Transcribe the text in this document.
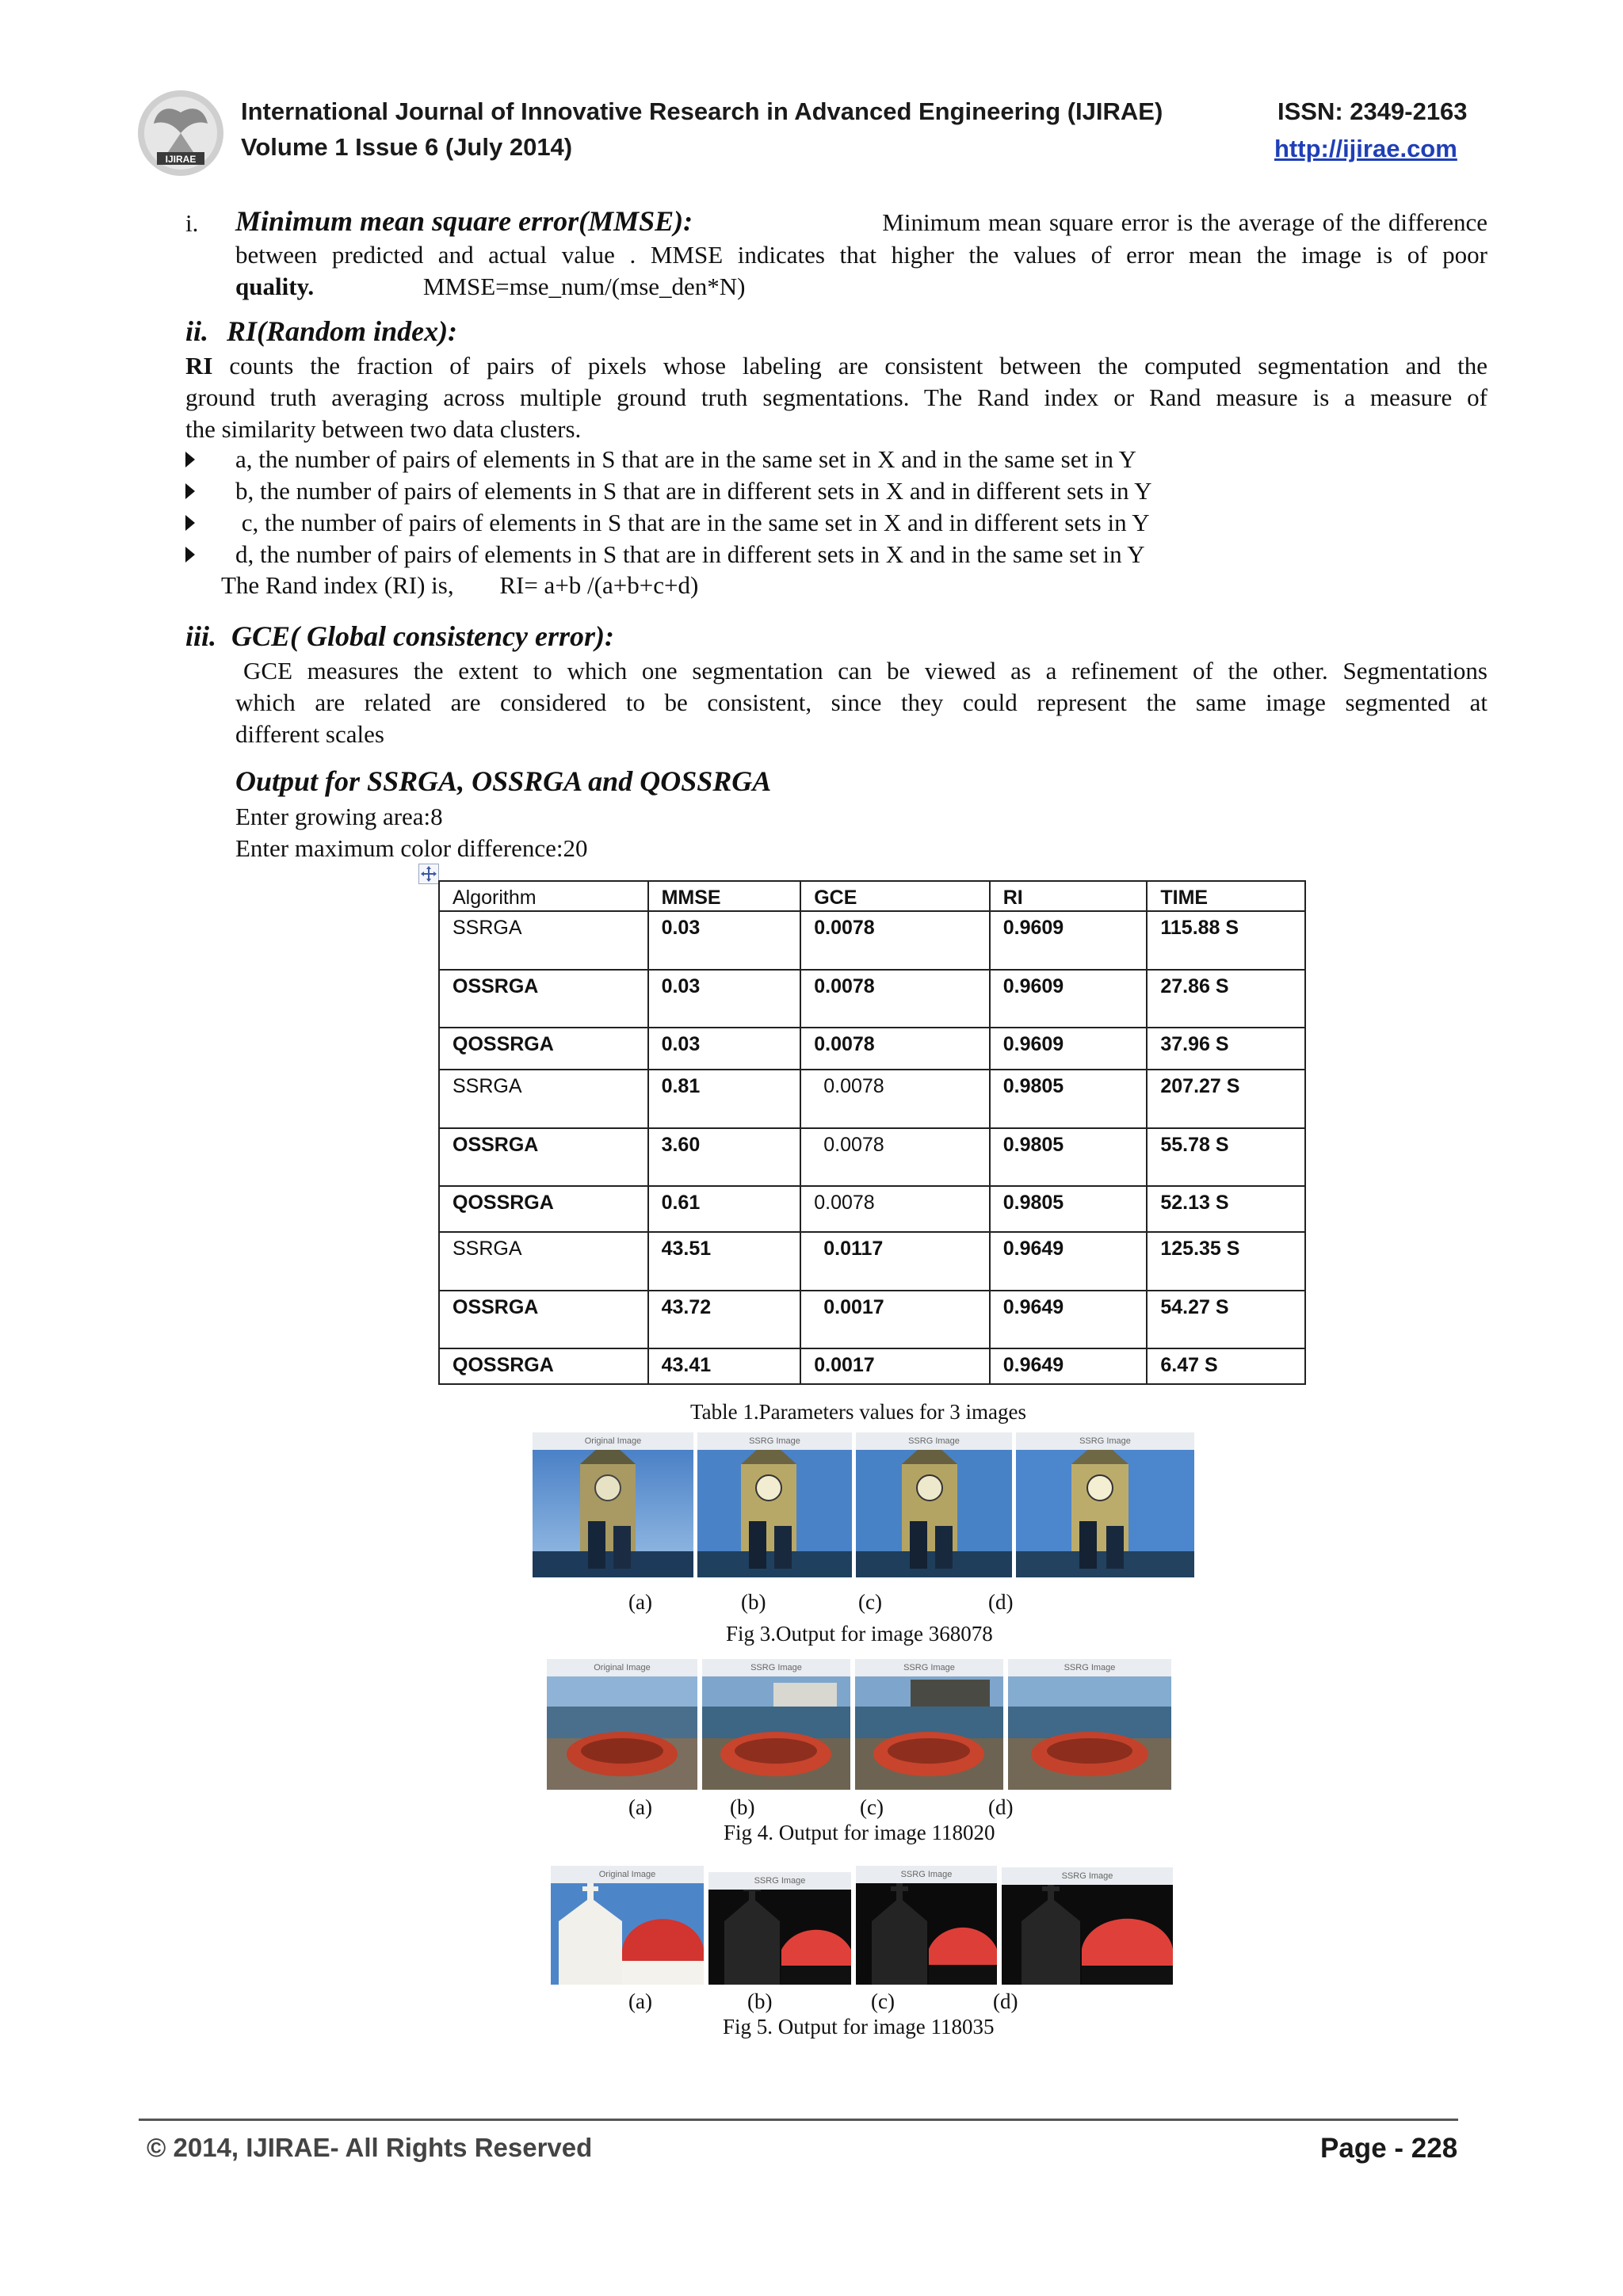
IJIRAE
International Journal of Innovative Research in Advanced Engineering (IJIRAE)	ISSN: 2349-2163
Volume 1 Issue 6 (July 2014)	http://ijirae.com
i. Minimum mean square error(MMSE):	Minimum mean square error is the average of the difference
between predicted and actual value . MMSE indicates that higher the values of error mean the image is of poor
quality.	MMSE=mse_num/(mse_den*N)
ii. RI(Random index):
RI counts the fraction of pairs of pixels whose labeling are consistent between the computed segmentation and the
ground truth averaging across multiple ground truth segmentations. The Rand index or Rand measure is a measure of
the similarity between two data clusters.
a, the number of pairs of elements in S that are in the same set in X and in the same set in Y
b, the number of pairs of elements in S that are in different sets in X and in different sets in Y
c, the number of pairs of elements in S that are in the same set in X and in different sets in Y
d, the number of pairs of elements in S that are in different sets in X and in the same set in Y
The Rand index (RI) is, RI= a+b /(a+b+c+d)
iii. GCE( Global consistency error):
GCE measures the extent to which one segmentation can be viewed as a refinement of the other. Segmentations
which are related are considered to be consistent, since they could represent the same image segmented at
different scales
Output for SSRGA, OSSRGA and QOSSRGA
Enter growing area:8
Enter maximum color difference:20
Algorithm	MMSE	GCE	RI	TIME
SSRGA	0.03	0.0078	0.9609	115.88 S
OSSRGA	0.03	0.0078	0.9609	27.86 S
QOSSRGA	0.03	0.0078	0.9609	37.96 S
SSRGA	0.81	0.0078	0.9805	207.27 S
OSSRGA	3.60	0.0078	0.9805	55.78 S
QOSSRGA	0.61	0.0078	0.9805	52.13 S
SSRGA	43.51	0.0117	0.9649	125.35 S
OSSRGA	43.72	0.0017	0.9649	54.27 S
QOSSRGA	43.41	0.0017	0.9649	6.47 S
Table 1.Parameters values for 3 images
Original Image	SSRG Image	SSRG Image	SSRG Image
(a)	(b)	(c)	(d)
Fig 3.Output for image 368078
Original Image	SSRG Image	SSRG Image	SSRG Image
(a)	(b)	(c)	(d)
Fig 4. Output for image 118020
Original Image
SSRG Image
SSRG Image	SSRG Image
(a)	(b)	(c)	(d)
Fig 5. Output for image 118035
© 2014, IJIRAE- All Rights Reserved	Page - 228
